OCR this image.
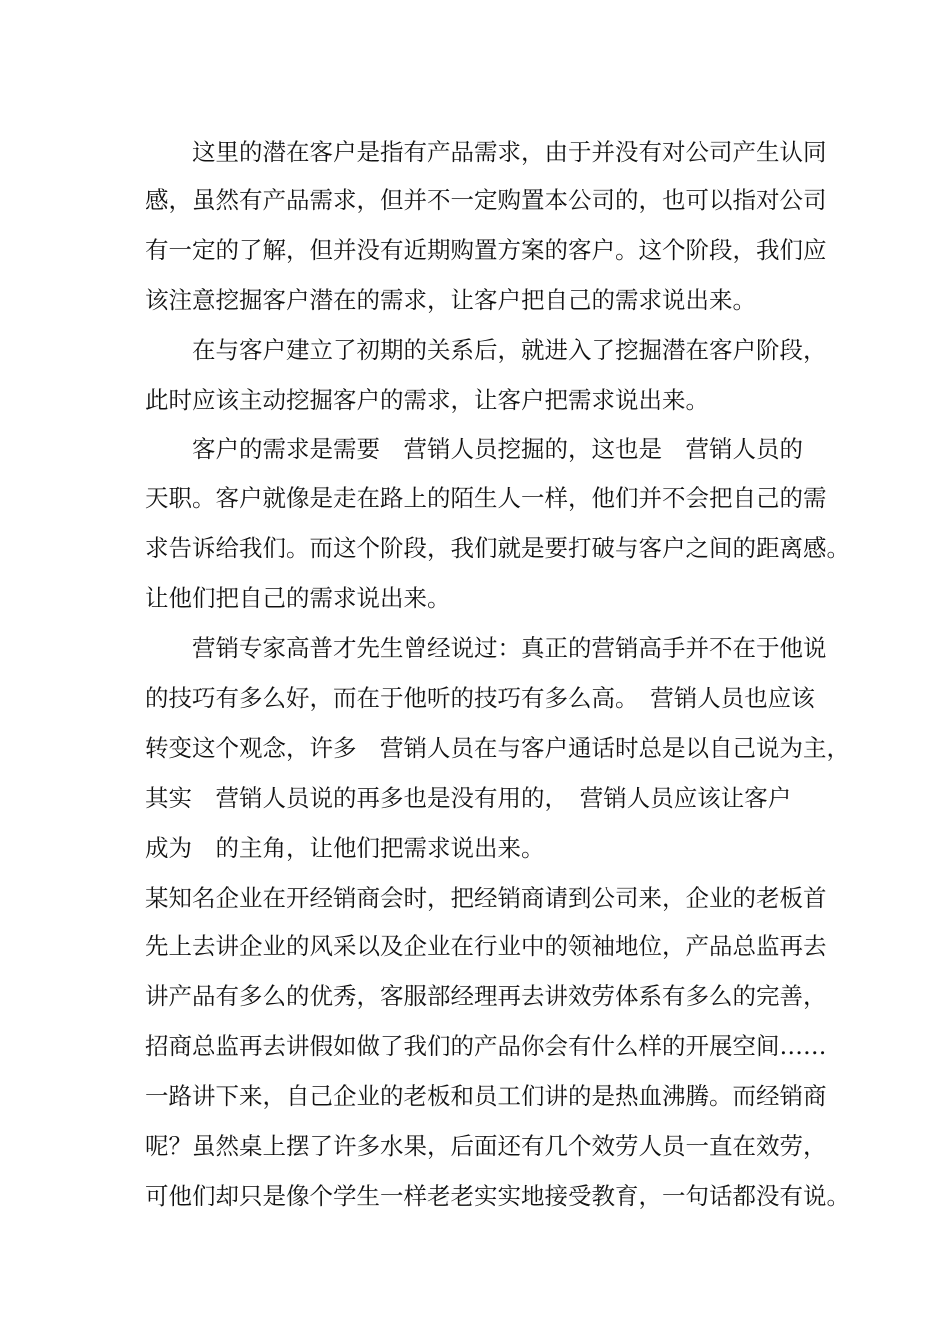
这里的潜在客户是指有产品需求，由于并没有对公司产生认同
感，虽然有产品需求，但并不一定购置本公司的，也可以指对公司
有一定的了解，但并没有近期购置方案的客户。这个阶段，我们应
该注意挖掘客户潜在的需求，让客户把自己的需求说出来。
在与客户建立了初期的关系后，就进入了挖掘潜在客户阶段，
此时应该主动挖掘客户的需求，让客户把需求说出来。
客户的需求是需要　营销人员挖掘的，这也是　营销人员的
天职。客户就像是走在路上的陌生人一样，他们并不会把自己的需
求告诉给我们。而这个阶段，我们就是要打破与客户之间的距离感。
让他们把自己的需求说出来。
营销专家高普才先生曾经说过：真正的营销高手并不在于他说
的技巧有多么好，而在于他听的技巧有多么高。　营销人员也应该
转变这个观念，许多　营销人员在与客户通话时总是以自己说为主，
其实　营销人员说的再多也是没有用的，　营销人员应该让客户
成为　的主角，让他们把需求说出来。
某知名企业在开经销商会时，把经销商请到公司来，企业的老板首
先上去讲企业的风采以及企业在行业中的领袖地位，产品总监再去
讲产品有多么的优秀，客服部经理再去讲效劳体系有多么的完善，
招商总监再去讲假如做了我们的产品你会有什么样的开展空间……
一路讲下来，自己企业的老板和员工们讲的是热血沸腾。而经销商
呢？虽然桌上摆了许多水果，后面还有几个效劳人员一直在效劳，
可他们却只是像个学生一样老老实实地接受教育，一句话都没有说。
